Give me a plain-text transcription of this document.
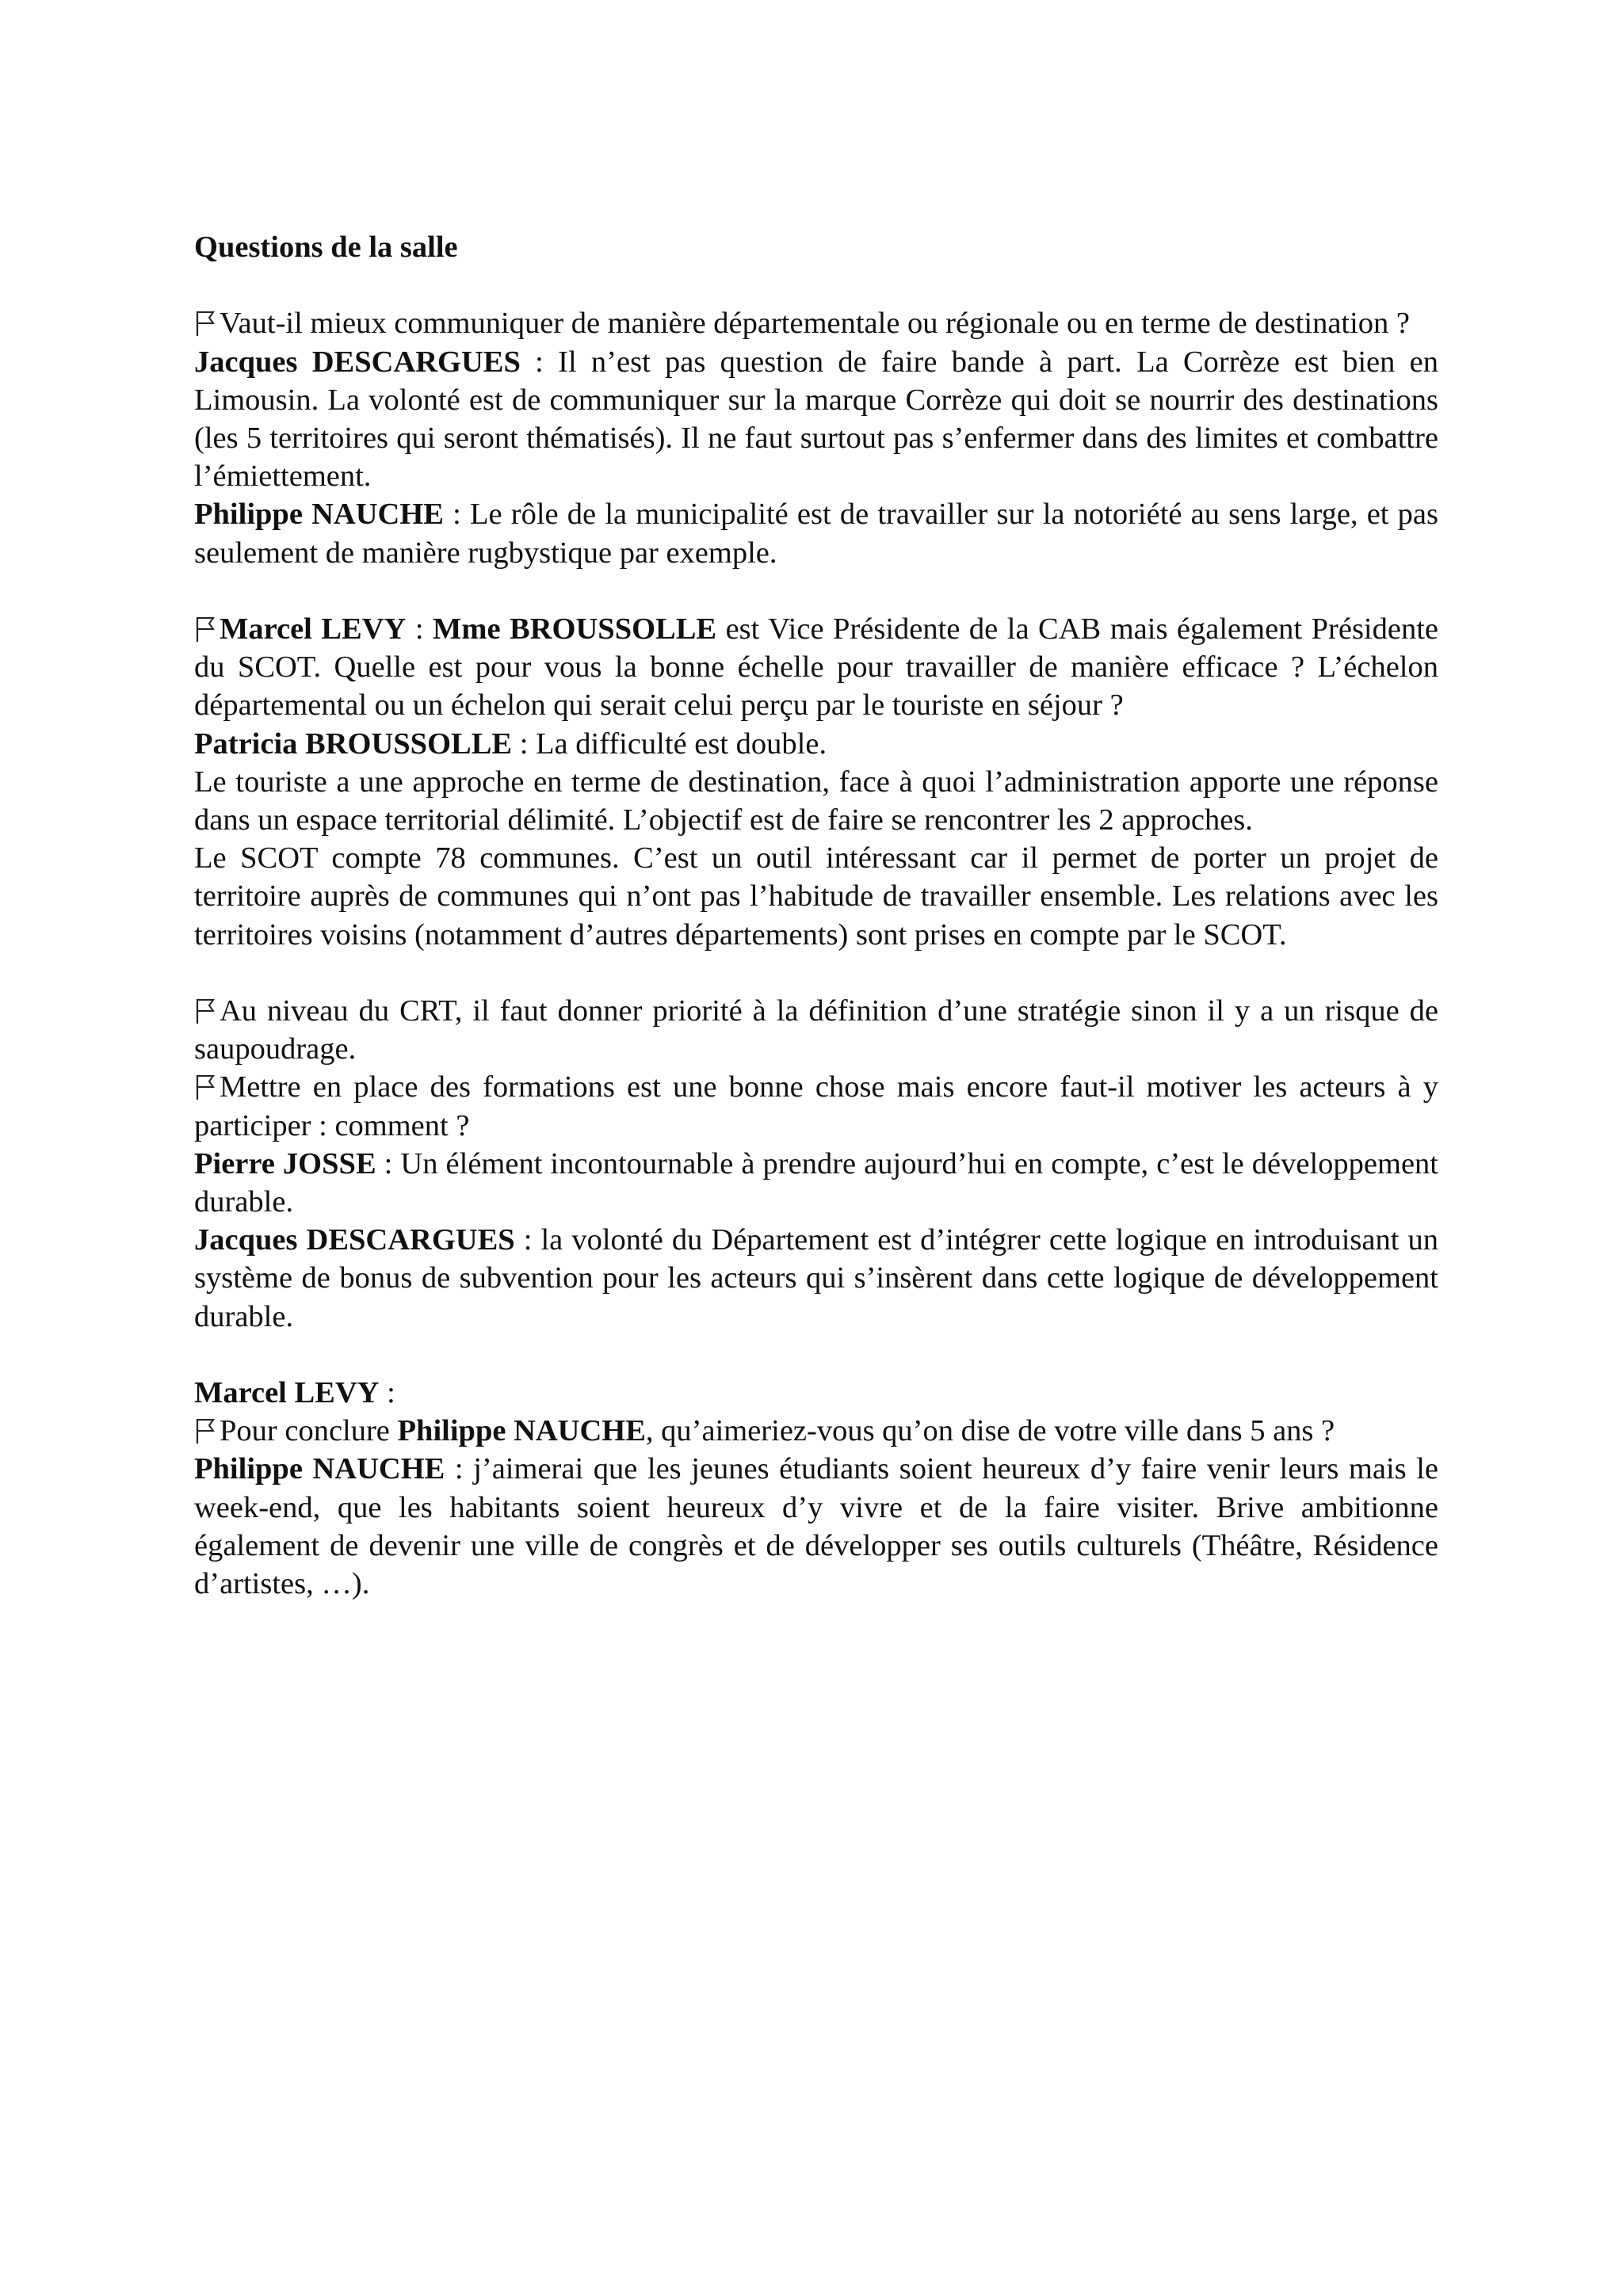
Questions de la salle

Vaut-il mieux communiquer de manière départementale ou régionale ou en terme de destination ?

Jacques DESCARGUES : Il n’est pas question de faire bande à part. La Corrèze est bien en Limousin. La volonté est de communiquer sur la marque Corrèze qui doit se nourrir des destinations (les 5 territoires qui seront thématisés). Il ne faut surtout pas s’enfermer dans des limites et combattre l’émiettement.

Philippe NAUCHE : Le rôle de la municipalité est de travailler sur la notoriété au sens large, et pas seulement de manière rugbystique par exemple.

Marcel LEVY : Mme BROUSSOLLE est Vice Présidente de la CAB mais également Présidente du SCOT. Quelle est pour vous la bonne échelle pour travailler de manière efficace ? L’échelon départemental ou un échelon qui serait celui perçu par le touriste en séjour ?

Patricia BROUSSOLLE : La difficulté est double.

Le touriste a une approche en terme de destination, face à quoi l’administration apporte une réponse dans un espace territorial délimité. L’objectif est de faire se rencontrer les 2 approches.

Le SCOT compte 78 communes. C’est un outil intéressant car il permet de porter un projet de territoire auprès de communes qui n’ont pas l’habitude de travailler ensemble. Les relations avec les territoires voisins (notamment d’autres départements) sont prises en compte par le SCOT.

Au niveau du CRT, il faut donner priorité à la définition d’une stratégie sinon il y a un risque de saupoudrage.

Mettre en place des formations est une bonne chose mais encore faut-il motiver les acteurs à y participer : comment ?

Pierre JOSSE : Un élément incontournable à prendre aujourd’hui en compte, c’est le développement durable.

Jacques DESCARGUES : la volonté du Département est d’intégrer cette logique en introduisant un système de bonus de subvention pour les acteurs qui s’insèrent dans cette logique de développement durable.

Marcel LEVY :

Pour conclure Philippe NAUCHE, qu’aimeriez-vous qu’on dise de votre ville dans 5 ans ?

Philippe NAUCHE : j’aimerai que les jeunes étudiants soient heureux d’y faire venir leurs mais le week-end, que les habitants soient heureux d’y vivre et de la faire visiter. Brive ambitionne également de devenir une ville de congrès et de développer ses outils culturels (Théâtre, Résidence d’artistes, …).
